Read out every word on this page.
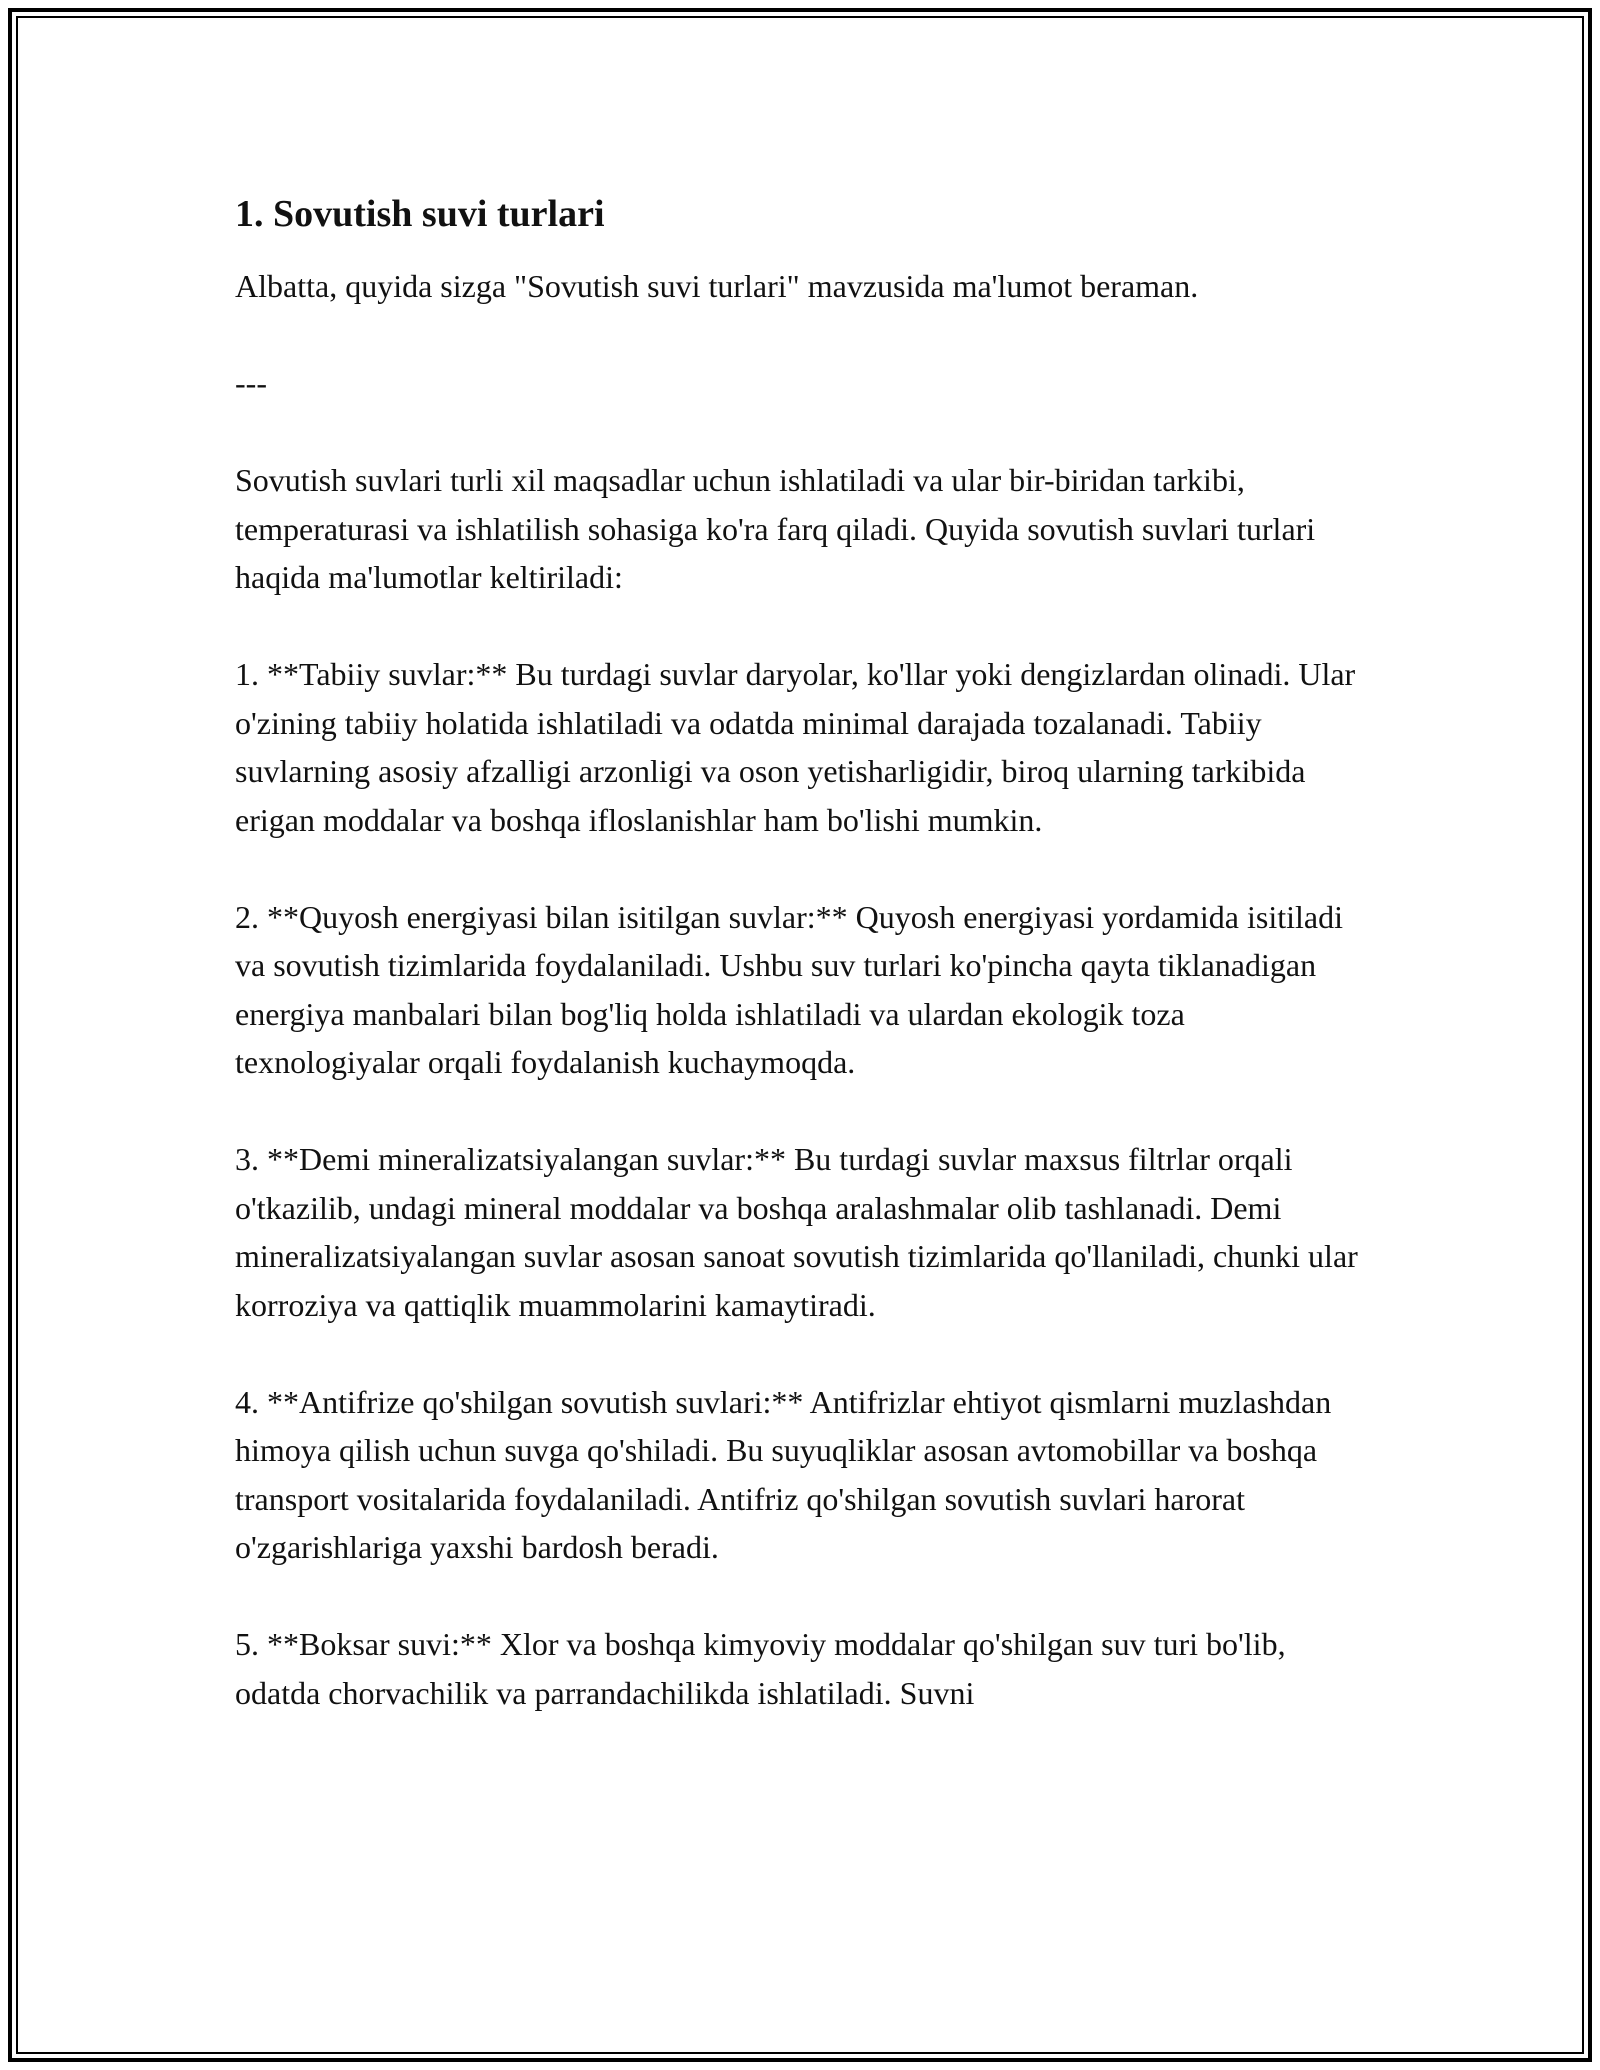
1. Sovutish suvi turlari

Albatta, quyida sizga "Sovutish suvi turlari" mavzusida ma'lumot beraman.

---

Sovutish suvlari turli xil maqsadlar uchun ishlatiladi va ular bir-biridan tarkibi, temperaturasi va ishlatilish sohasiga ko'ra farq qiladi. Quyida sovutish suvlari turlari haqida ma'lumotlar keltiriladi:

1. **Tabiiy suvlar:** Bu turdagi suvlar daryolar, ko'llar yoki dengizlardan olinadi. Ular o'zining tabiiy holatida ishlatiladi va odatda minimal darajada tozalanadi. Tabiiy suvlarning asosiy afzalligi arzonligi va oson yetisharligidir, biroq ularning tarkibida erigan moddalar va boshqa ifloslanishlar ham bo'lishi mumkin.

2. **Quyosh energiyasi bilan isitilgan suvlar:** Quyosh energiyasi yordamida isitiladi va sovutish tizimlarida foydalaniladi. Ushbu suv turlari ko'pincha qayta tiklanadigan energiya manbalari bilan bog'liq holda ishlatiladi va ulardan ekologik toza texnologiyalar orqali foydalanish kuchaymoqda.

3. **Demi mineralizatsiyalangan suvlar:** Bu turdagi suvlar maxsus filtrlar orqali o'tkazilib, undagi mineral moddalar va boshqa aralashmalar olib tashlanadi. Demi mineralizatsiyalangan suvlar asosan sanoat sovutish tizimlarida qo'llaniladi, chunki ular korroziya va qattiqlik muammolarini kamaytiradi.

4. **Antifrize qo'shilgan sovutish suvlari:** Antifrizlar ehtiyot qismlarni muzlashdan himoya qilish uchun suvga qo'shiladi. Bu suyuqliklar asosan avtomobillar va boshqa transport vositalarida foydalaniladi. Antifriz qo'shilgan sovutish suvlari harorat o'zgarishlariga yaxshi bardosh beradi.

5. **Boksar suvi:** Xlor va boshqa kimyoviy moddalar qo'shilgan suv turi bo'lib, odatda chorvachilik va parrandachilikda ishlatiladi. Suvni
